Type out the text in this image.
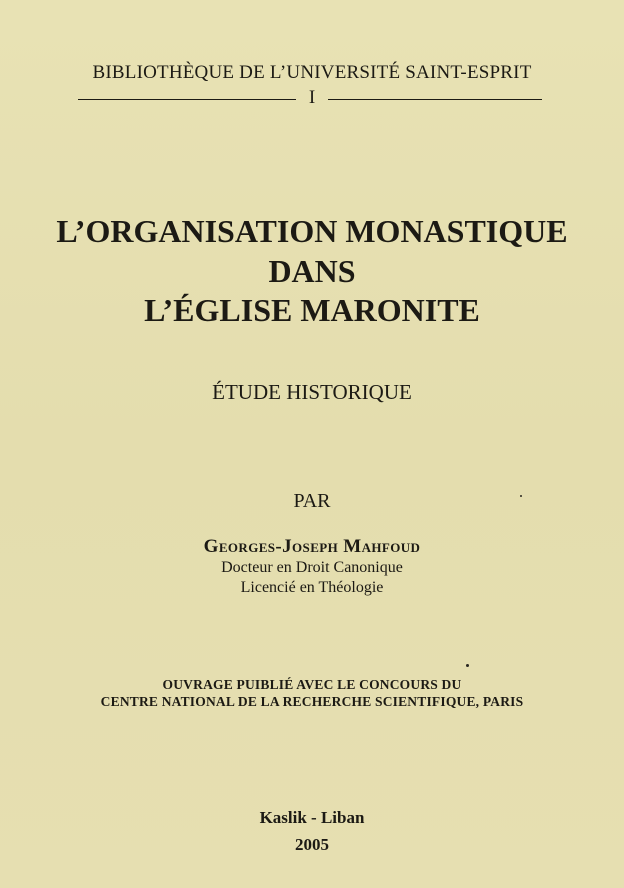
BIBLIOTHÈQUE DE L’UNIVERSITÉ SAINT-ESPRIT
I
L’ORGANISATION MONASTIQUE
DANS
L’ÉGLISE MARONITE
ÉTUDE HISTORIQUE
PAR
Georges-Joseph Mahfoud
Docteur en Droit Canonique
Licencié en Théologie
OUVRAGE PUIBLIÉ AVEC LE CONCOURS DU
CENTRE NATIONAL DE LA RECHERCHE SCIENTIFIQUE, PARIS
Kaslik - Liban
2005
